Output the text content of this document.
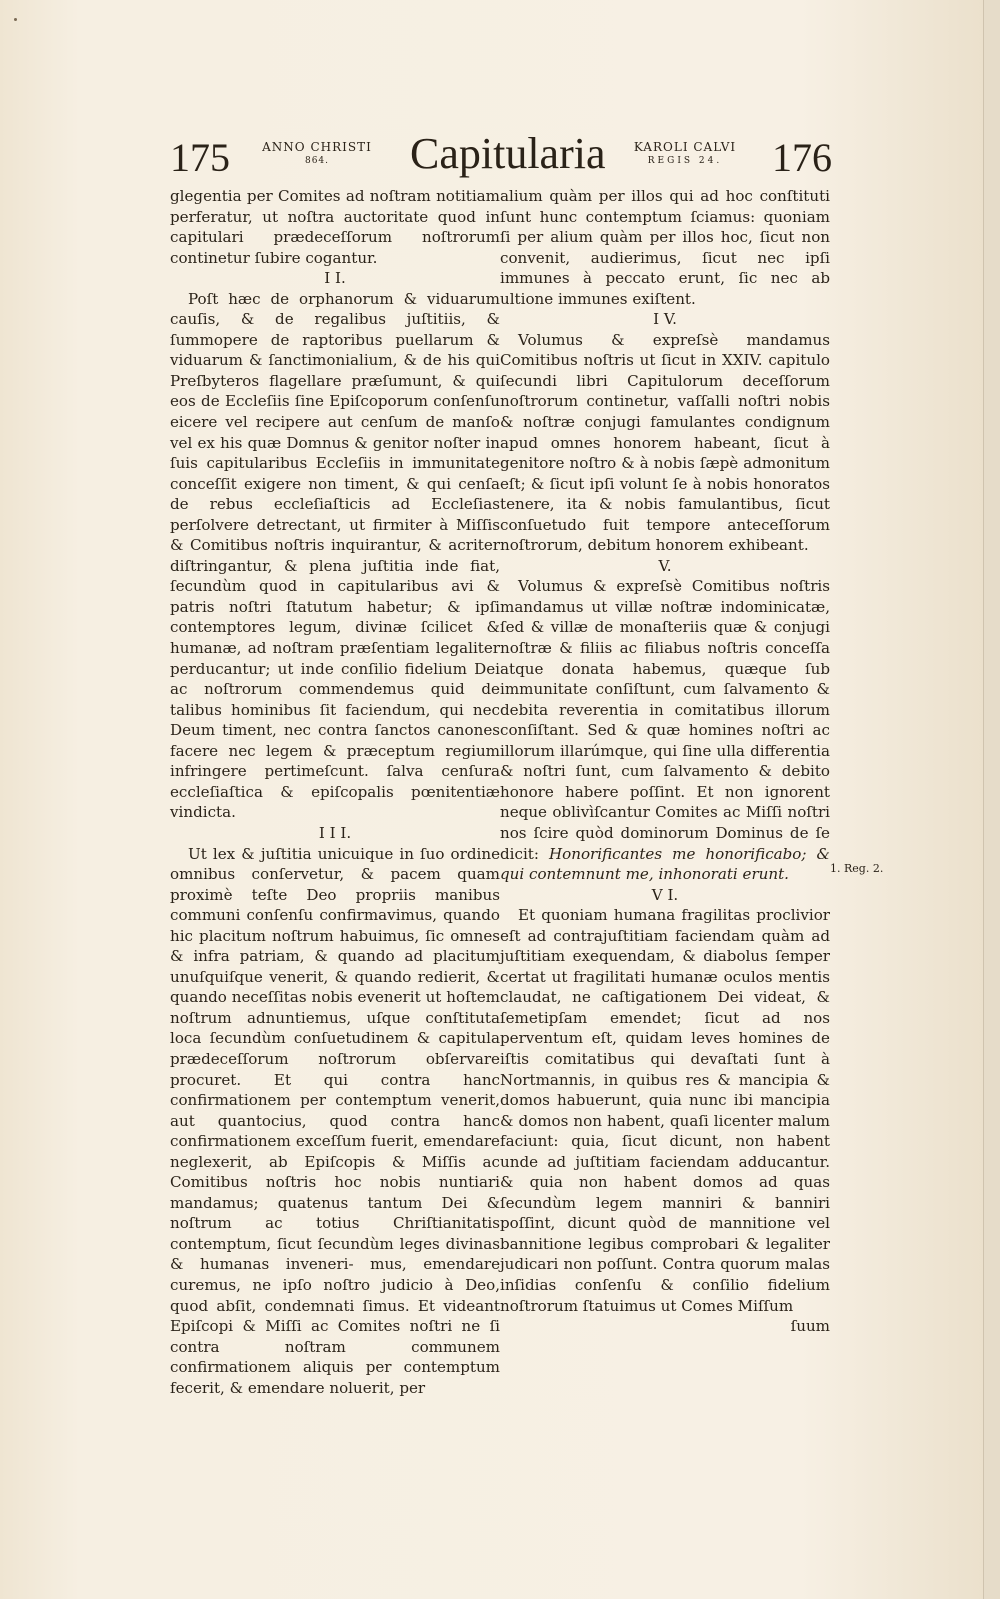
175	ANNO CHRISTI
864.	Capitularia	KAROLI CALVI
REGIS 24.	176

glegentia per Comites ad noſtram notitiam perferatur, ut noſtra auctoritate quod in capitulari prædeceſſorum noſtrorum continetur ſubire cogantur.

I I.

Poſt hæc de orphanorum & viduarum cauſis, & de regalibus juſtitiis, & ſummopere de raptoribus puellarum & viduarum & ſanctimonialium, & de his qui Preſbyteros flagellare præſumunt, & qui eos de Eccleſiis ſine Epiſcoporum conſenſu eicere vel recipere aut cenſum de manſo vel ex his quæ Domnus & genitor noſter in ſuis capitularibus Eccleſiis in immunitate conceſſit exigere non timent, & qui cenſa de rebus eccleſiaſticis ad Eccleſias perſolvere detrectant, ut firmiter à Miſſis & Comitibus noſtris inquirantur, & acriter diſtringantur, & plena juſtitia inde fiat, ſecundùm quod in capitularibus avi & patris noſtri ſtatutum habetur; & ipſi contemptores legum, divinæ ſcilicet & humanæ, ad noſtram præſentiam legaliter perducantur; ut inde conſilio fidelium Dei ac noſtrorum commendemus quid de talibus hominibus ſit faciendum, qui nec Deum timent, nec contra ſanctos canones facere nec legem & præceptum regium infringere pertimeſcunt. ſalva cenſura eccleſiaſtica & epiſcopalis pœnitentiæ vindicta.

I I I.

Ut lex & juſtitia unicuique in ſuo ordine omnibus conſervetur, & pacem quam proximè teſte Deo propriis manibus communi conſenſu confirmavimus, quando hic placitum noſtrum habuimus, ſic omnes & infra patriam, & quando ad placitum unuſquiſque venerit, & quando redierit, & quando neceſſitas nobis evenerit ut hoſtem noſtrum adnuntiemus, uſque conſtituta loca ſecundùm conſuetudinem & capitula prædeceſſorum noſtrorum obſervare procuret. Et qui contra hanc confirmationem per contemptum venerit, aut quantocius, quod contra hanc confirmationem exceſſum fuerit, emendare neglexerit, ab Epiſcopis & Miſſis ac Comitibus noſtris hoc nobis nuntiari mandamus; quatenus tantum Dei & noſtrum ac totius Chriſtianitatis contemptum, ſicut ſecundùm leges divinas & humanas inveneri- mus, emendare curemus, ne ipſo noſtro judicio à Deo, quod abſit, condemnati ſimus. Et videant Epiſcopi & Miſſi ac Comites noſtri ne ſi contra noſtram communem confirmationem aliquis per contemptum fecerit, & emendare noluerit, per

alium quàm per illos qui ad hoc conſtituti ſunt hunc contemptum ſciamus: quoniam ſi per alium quàm per illos hoc, ſicut non convenit, audierimus, ſicut nec ipſi immunes à peccato erunt, ſic nec ab ultione immunes exiſtent.

I V.

Volumus & expreſsè mandamus Comitibus noſtris ut ſicut in XXIV. capitulo ſecundi libri Capitulorum deceſſorum noſtrorum continetur, vaſſalli noſtri nobis & noſtræ conjugi famulantes condignum apud omnes honorem habeant, ſicut à genitore noſtro & à nobis ſæpè admonitum eſt; & ſicut ipſi volunt ſe à nobis honoratos tenere, ita & nobis famulantibus, ſicut conſuetudo fuit tempore anteceſſorum noſtrorum, debitum honorem exhibeant.

V.

Volumus & expreſsè Comitibus noſtris mandamus ut villæ noſtræ indominicatæ, ſed & villæ de monaſteriis quæ & conjugi noſtræ & filiis ac filiabus noſtris conceſſa atque donata habemus, quæque ſub immunitate conſiſtunt, cum ſalvamento & debita reverentia in comitatibus illorum conſiſtant. Sed & quæ homines noſtri ac illorum illarúmque, qui ſine ulla differentia & noſtri ſunt, cum ſalvamento & debito honore habere poſſint. Et non ignorent neque oblivìſcantur Comites ac Miſſi noſtri nos ſcire quòd dominorum Dominus de ſe dicit: Honorificantes me honorificabo; & qui contemnunt me, inhonorati erunt.

V I.

Et quoniam humana fragilitas proclivior eſt ad contrajuſtitiam faciendam quàm ad juſtitiam exequendam, & diabolus ſemper certat ut fragilitati humanæ oculos mentis claudat, ne caſtigationem Dei videat, & ſemetipſam emendet; ſicut ad nos perventum eſt, quidam leves homines de iſtis comitatibus qui devaſtati ſunt à Nortmannis, in quibus res & mancipia & domos habuerunt, quia nunc ibi mancipia & domos non habent, quaſi licenter malum faciunt: quia, ſicut dicunt, non habent unde ad juſtitiam faciendam adducantur. & quia non habent domos ad quas ſecundùm legem manniri & banniri poſſint, dicunt quòd de mannitione vel bannitione legibus comprobari & legaliter judicari non poſſunt. Contra quorum malas inſidias conſenſu & conſilio fidelium noſtrorum ſtatuimus ut Comes Miſſum

ſuum

1. Reg. 2.
